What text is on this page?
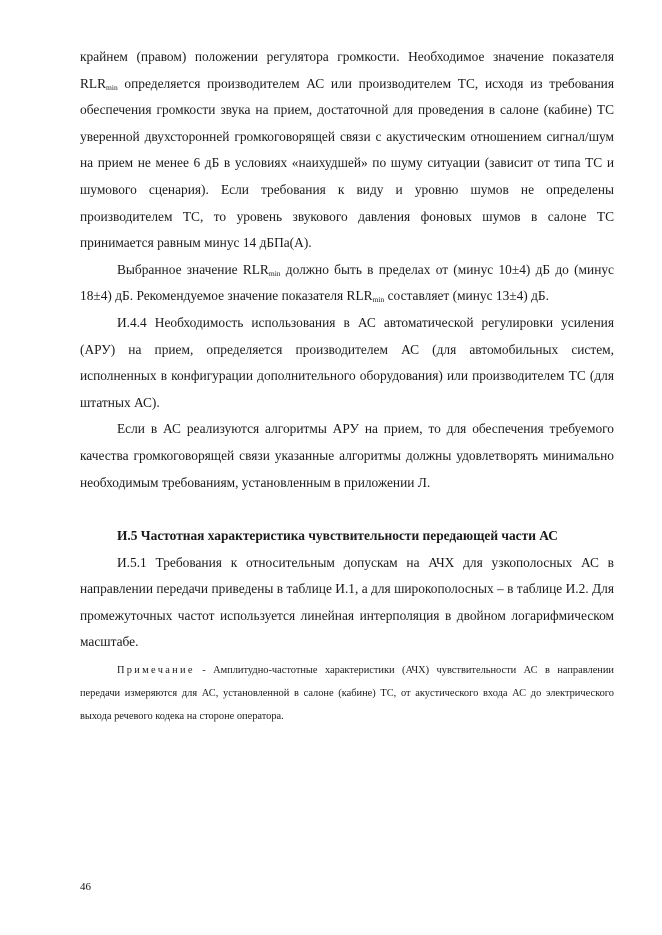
крайнем (правом) положении регулятора громкости. Необходимое значение показателя $RLR_{min}$ определяется производителем АС или производителем ТС, исходя из требования обеспечения громкости звука на прием, достаточной для проведения в салоне (кабине) ТС уверенной двухсторонней громкоговорящей связи с акустическим отношением сигнал/шум на прием не менее 6 дБ в условиях «наихудшей» по шуму ситуации (зависит от типа ТС и шумового сценария). Если требования к виду и уровню шумов не определены производителем ТС, то уровень звукового давления фоновых шумов в салоне ТС принимается равным минус 14 дБПа(А).

Выбранное значение $RLR_{min}$ должно быть в пределах от (минус 10±4) дБ до (минус 18±4) дБ. Рекомендуемое значение показателя $RLR_{min}$ составляет (минус 13±4) дБ.

И.4.4 Необходимость использования в АС автоматической регулировки усиления (АРУ) на прием, определяется производителем АС (для автомобильных систем, исполненных в конфигурации дополнительного оборудования) или производителем ТС (для штатных АС).

Если в АС реализуются алгоритмы АРУ на прием, то для обеспечения требуемого качества громкоговорящей связи указанные алгоритмы должны удовлетворять минимально необходимым требованиям, установленным в приложении Л.

И.5 Частотная характеристика чувствительности передающей части АС

И.5.1 Требования к относительным допускам на АЧХ для узкополосных АС в направлении передачи приведены в таблице И.1, а для широкополосных – в таблице И.2. Для промежуточных частот используется линейная интерполяция в двойном логарифмическом масштабе.

Примечание - Амплитудно-частотные характеристики (АЧХ) чувствительности АС в направлении передачи измеряются для АС, установленной в салоне (кабине) ТС, от акустического входа АС до электрического выхода речевого кодека на стороне оператора.

46
